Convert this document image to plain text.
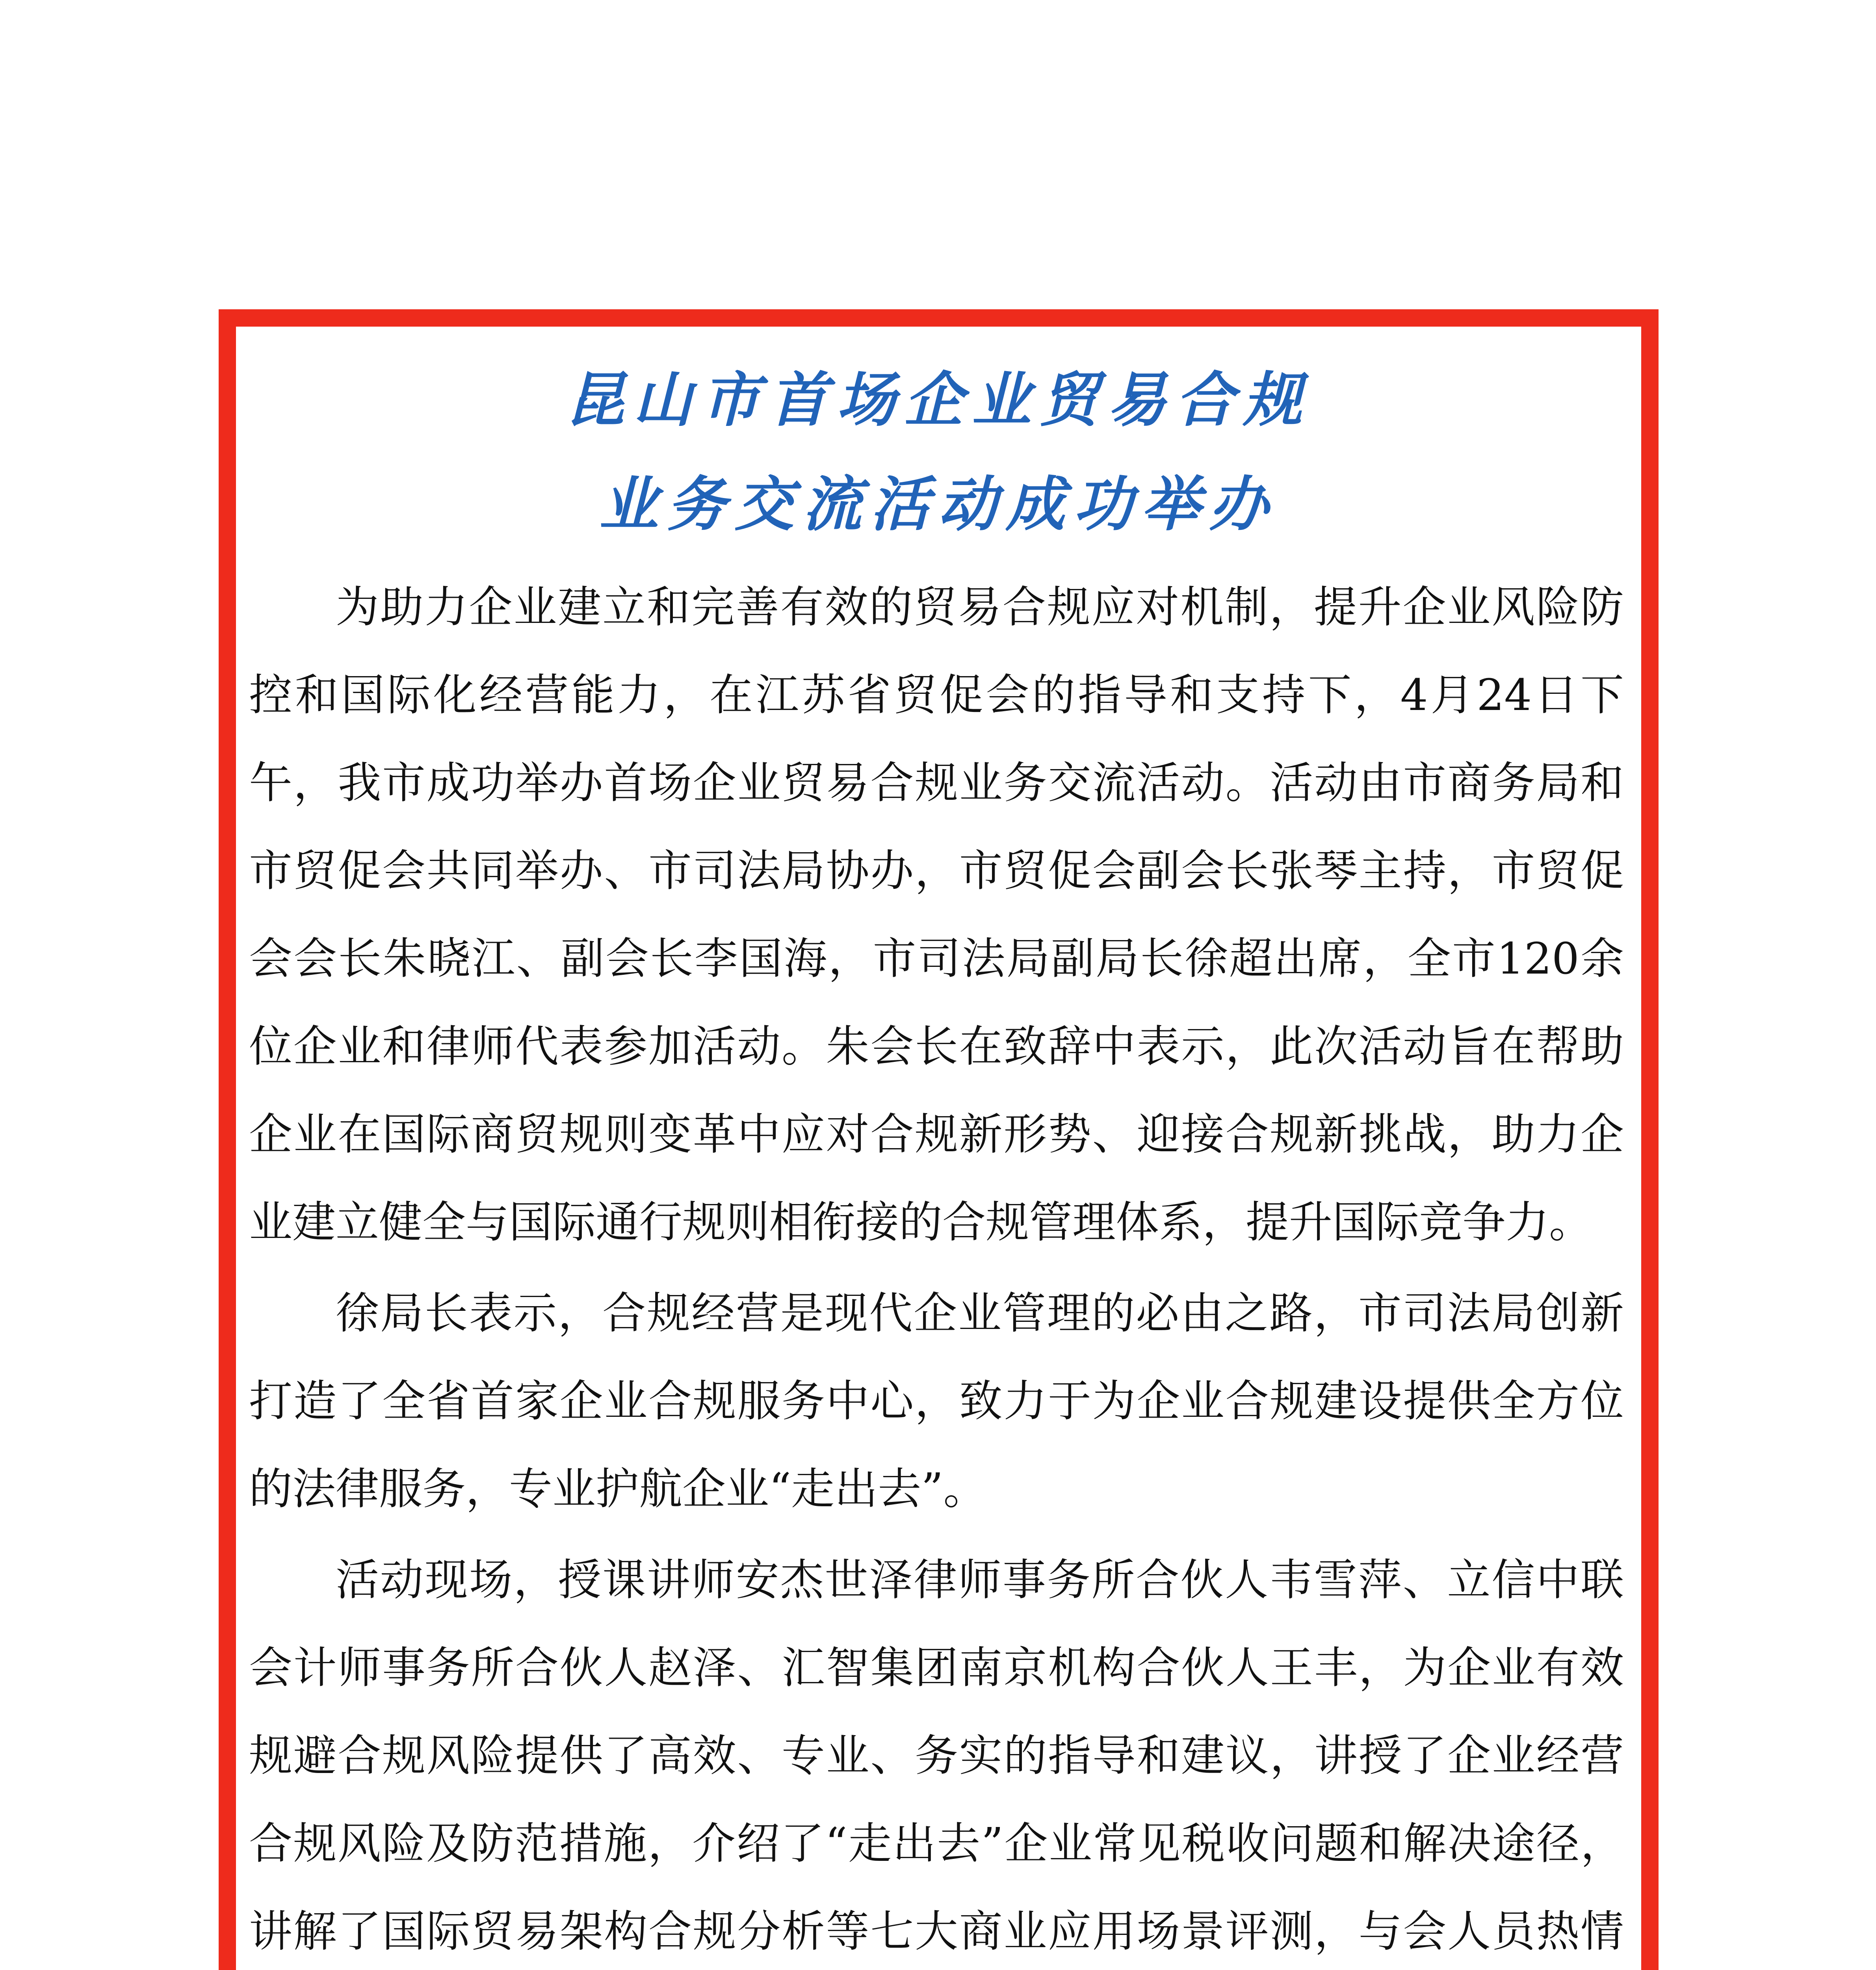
昆山市首场企业贸易合规
业务交流活动成功举办

为助力企业建立和完善有效的贸易合规应对机制，提升企业风险防控和国际化经营能力，在江苏省贸促会的指导和支持下，4月24日下午，我市成功举办首场企业贸易合规业务交流活动。活动由市商务局和市贸促会共同举办、市司法局协办，市贸促会副会长张琴主持，市贸促会会长朱晓江、副会长李国海，市司法局副局长徐超出席，全市120余位企业和律师代表参加活动。朱会长在致辞中表示，此次活动旨在帮助企业在国际商贸规则变革中应对合规新形势、迎接合规新挑战，助力企业建立健全与国际通行规则相衔接的合规管理体系，提升国际竞争力。

徐局长表示，合规经营是现代企业管理的必由之路，市司法局创新打造了全省首家企业合规服务中心，致力于为企业合规建设提供全方位的法律服务，专业护航企业“走出去”。

活动现场，授课讲师安杰世泽律师事务所合伙人韦雪萍、立信中联会计师事务所合伙人赵泽、汇智集团南京机构合伙人王丰，为企业有效规避合规风险提供了高效、专业、务实的指导和建议，讲授了企业经营合规风险及防范措施，介绍了“走出去”企业常见税收问题和解决途径，讲解了国际贸易架构合规分析等七大商业应用场景评测，与会人员热情
